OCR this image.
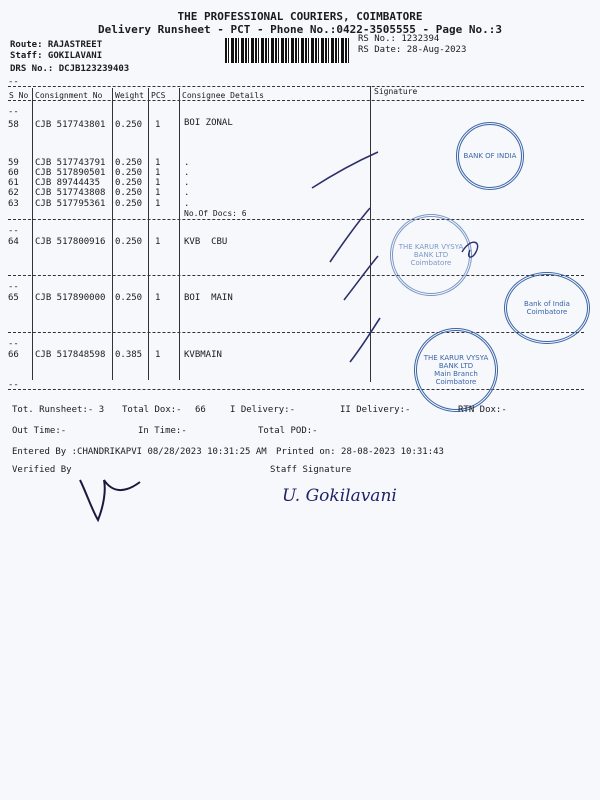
THE PROFESSIONAL COURIERS, COIMBATORE
Delivery Runsheet - PCT - Phone No.:0422-3505555 - Page No.:3
Route: RAJASTREET
Staff: GOKILAVANI
DRS No.: DCJB123239403
RS No.: 1232394
RS Date: 28-Aug-2023
--
S No Consignment No Weight PCS Consignee Details	Signature
--
58 CJB 517743801 0.250 1	BOI ZONAL
59 CJB 517743791 0.250 1	.
60 CJB 517890501 0.250 1	.
61 CJB 89744435 0.250 1	.
62 CJB 517743808 0.250 1	.
63 CJB 517795361 0.250 1	.
No.Of Docs: 6
--
64 CJB 517800916 0.250 1	KVB  CBU
--
65 CJB 517890000 0.250 1	BOI  MAIN
--
66 CJB 517848598 0.385 1	KVBMAIN
--
BANK OF INDIA
THE KARUR VYSYA BANK LTD
Coimbatore
Bank of India
Coimbatore
THE KARUR VYSYA BANK LTD
Main Branch
Coimbatore
Tot. Runsheet:- 3 Total Dox:- 66	I Delivery:-	II Delivery:-	RTN Dox:-
Out Time:-	In Time:-	Total POD:-
Entered By :CHANDRIKAPVI 08/28/2023 10:31:25 AM Printed on: 28-08-2023 10:31:43
Verified By	Staff Signature
U. Gokilavani
